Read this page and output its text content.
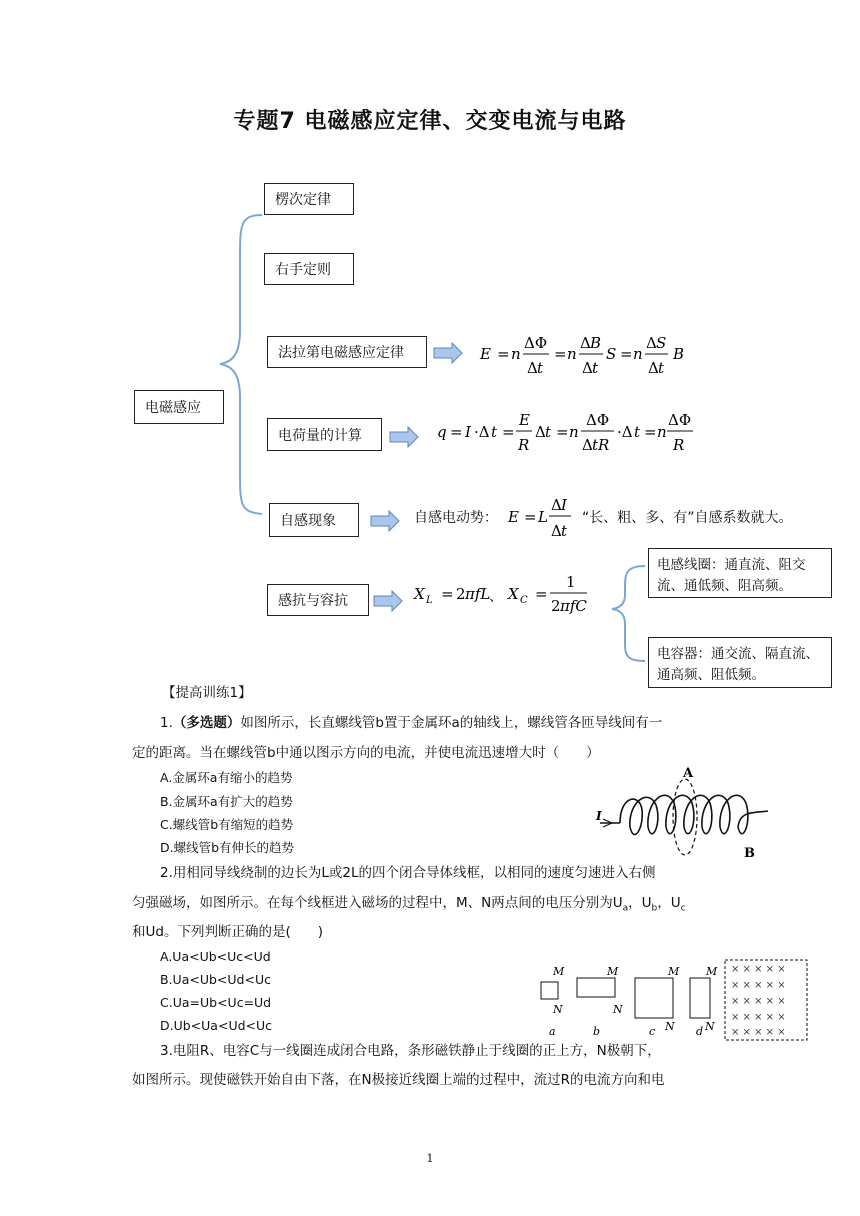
专题7 电磁感应定律、交变电流与电路
E = n
ΔΦ
Δ t
= n
Δ B
Δ t
S = n
Δ S
Δ t
B
q = I ·Δ t =
E
R
Δ t = n
ΔΦ
Δ tR
·Δ t = n
ΔΦ
R
E = L
Δ I
Δ t
X L = 2 πfL X C =
1
2 πfC
电磁感应
楞次定律
右手定则
法拉第电磁感应定律
电荷量的计算
自感现象
感抗与容抗
自感电动势：	“长、粗、多、有”自感系数就大。
、
电感线圈：通直流、阻交流、通低频、阻高频。
电容器：通交流、隔直流、通高频、阻低频。
【提高训练1】
1.（多选题）如图所示，长直螺线管b置于金属环a的轴线上，螺线管各匝导线间有一
定的距离。当在螺线管b中通以图示方向的电流，并使电流迅速增大时（　　）
A.金属环a有缩小的趋势
B.金属环a有扩大的趋势
C.螺线管b有缩短的趋势
D.螺线管b有伸长的趋势
A
I
B
2.用相同导线绕制的边长为L或2L的四个闭合导体线框，以相同的速度匀速进入右侧
匀强磁场，如图所示。在每个线框进入磁场的过程中，M、N两点间的电压分别为$U_a$，$U_b$，$U_c$
和Ud。下列判断正确的是(　　)
A.Ua<Ub<Uc<Ud
B.Ua<Ub<Ud<Uc
C.Ua=Ub<Uc=Ud
D.Ub<Ua<Ud<Uc
× × × × ×
× × × × ×
× × × × ×
× × × × ×
× × × × ×
M
N
M
N
M
N
M
N
a	b	c	d
3.电阻R、电容C与一线圈连成闭合电路，条形磁铁静止于线圈的正上方，N极朝下，
如图所示。现使磁铁开始自由下落，在N极接近线圈上端的过程中，流过R的电流方向和电
1
